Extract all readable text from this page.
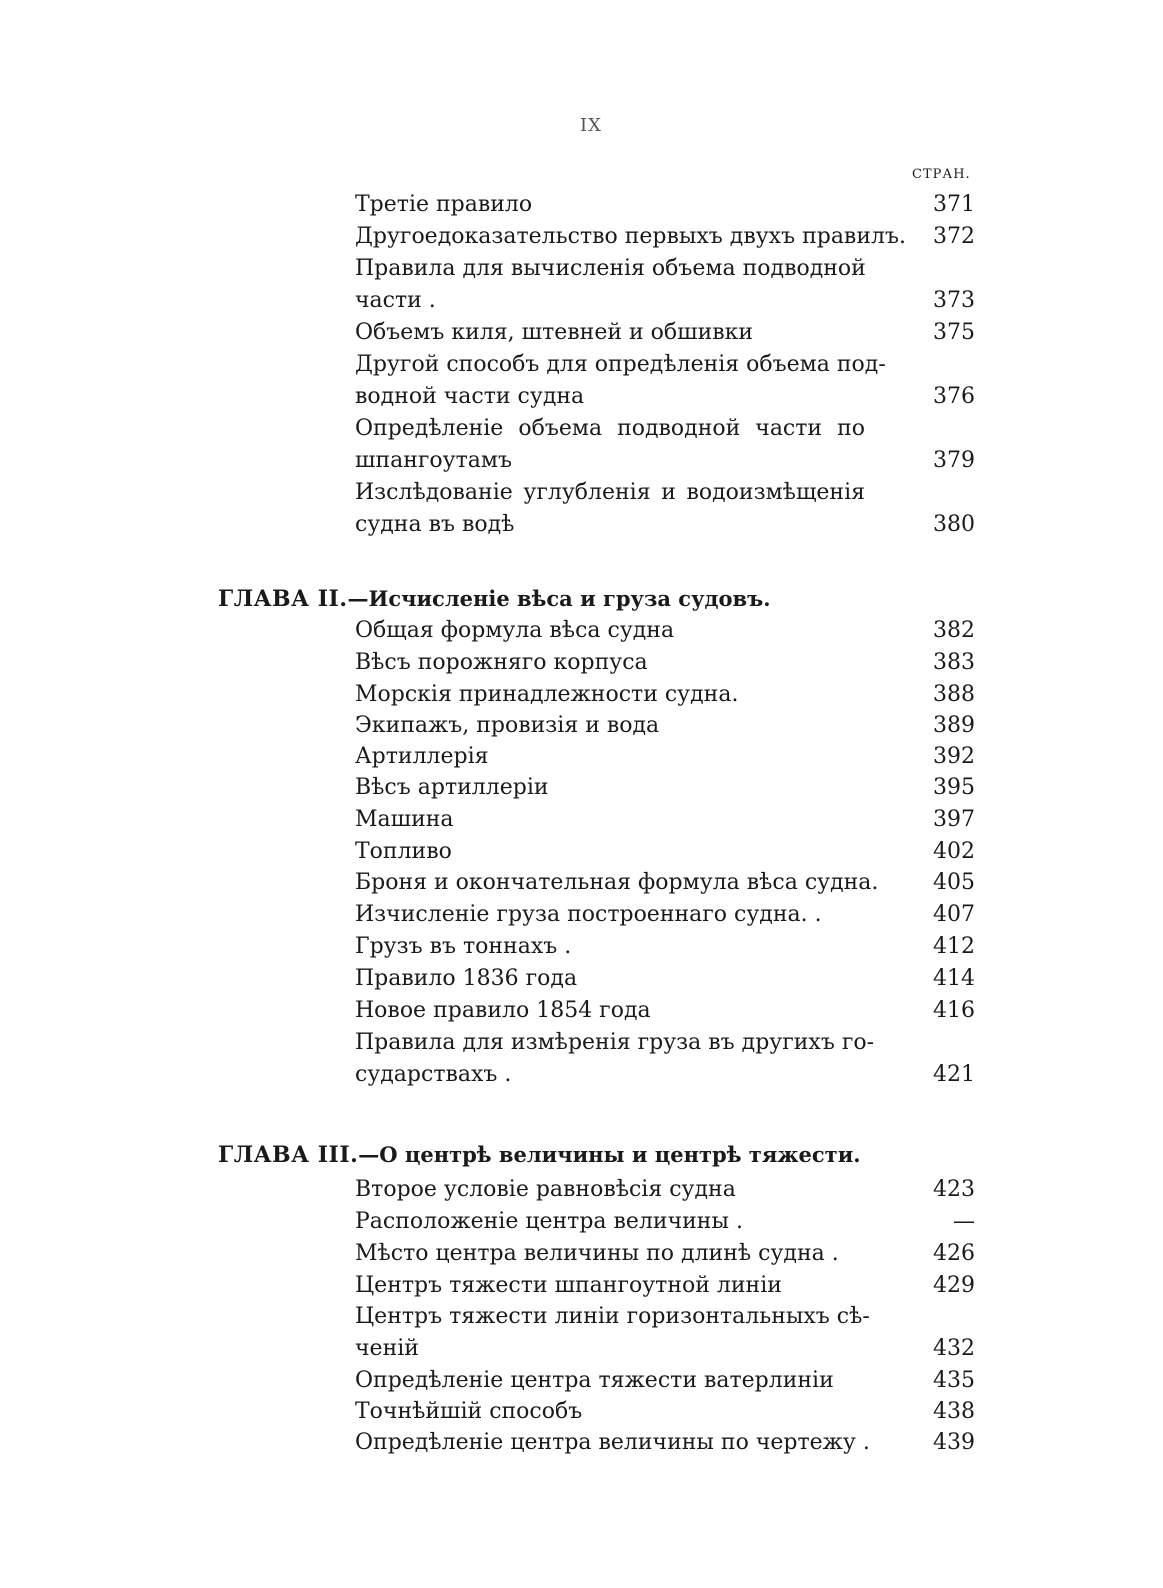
IX
СТРАН.
Третіе правило	371
Другоедоказательство первыхъ двухъ правилъ. 372
Правила для вычисленія объема подводной
части .	373
Объемъ киля, штевней и обшивки	375
Другой способъ для опредѣленія объема под-
водной части судна	376
Опредѣленіе объема подводной части по
шпангоутамъ	379
Изслѣдованіе углубленія и водоизмѣщенія
судна въ водѣ	380
ГЛАВА II.—Исчисленіе вѣса и груза судовъ.
Общая формула вѣса судна	382
Вѣсъ порожняго корпуса	383
Морскія принадлежности судна.	388
Экипажъ, провизія и вода	389
Артиллерія	392
Вѣсъ артиллеріи	395
Машина	397
Топливо	402
Броня и окончательная формула вѣса судна. 405
Изчисленіе груза построеннаго судна. .	407
Грузъ въ тоннахъ .	412
Правило 1836 года	414
Новое правило 1854 года	416
Правила для измѣренія груза въ другихъ го-
сударствахъ .	421
ГЛАВА III.—О центрѣ величины и центрѣ тяжести.
Второе условіе равновѣсія судна	423
Расположеніе центра величины .	—
Мѣсто центра величины по длинѣ судна .	426
Центръ тяжести шпангоутной линіи	429
Центръ тяжести линіи горизонтальныхъ сѣ-
ченій	432
Опредѣленіе центра тяжести ватерлиніи	435
Точнѣйшій способъ	438
Опредѣленіе центра величины по чертежу .	439
